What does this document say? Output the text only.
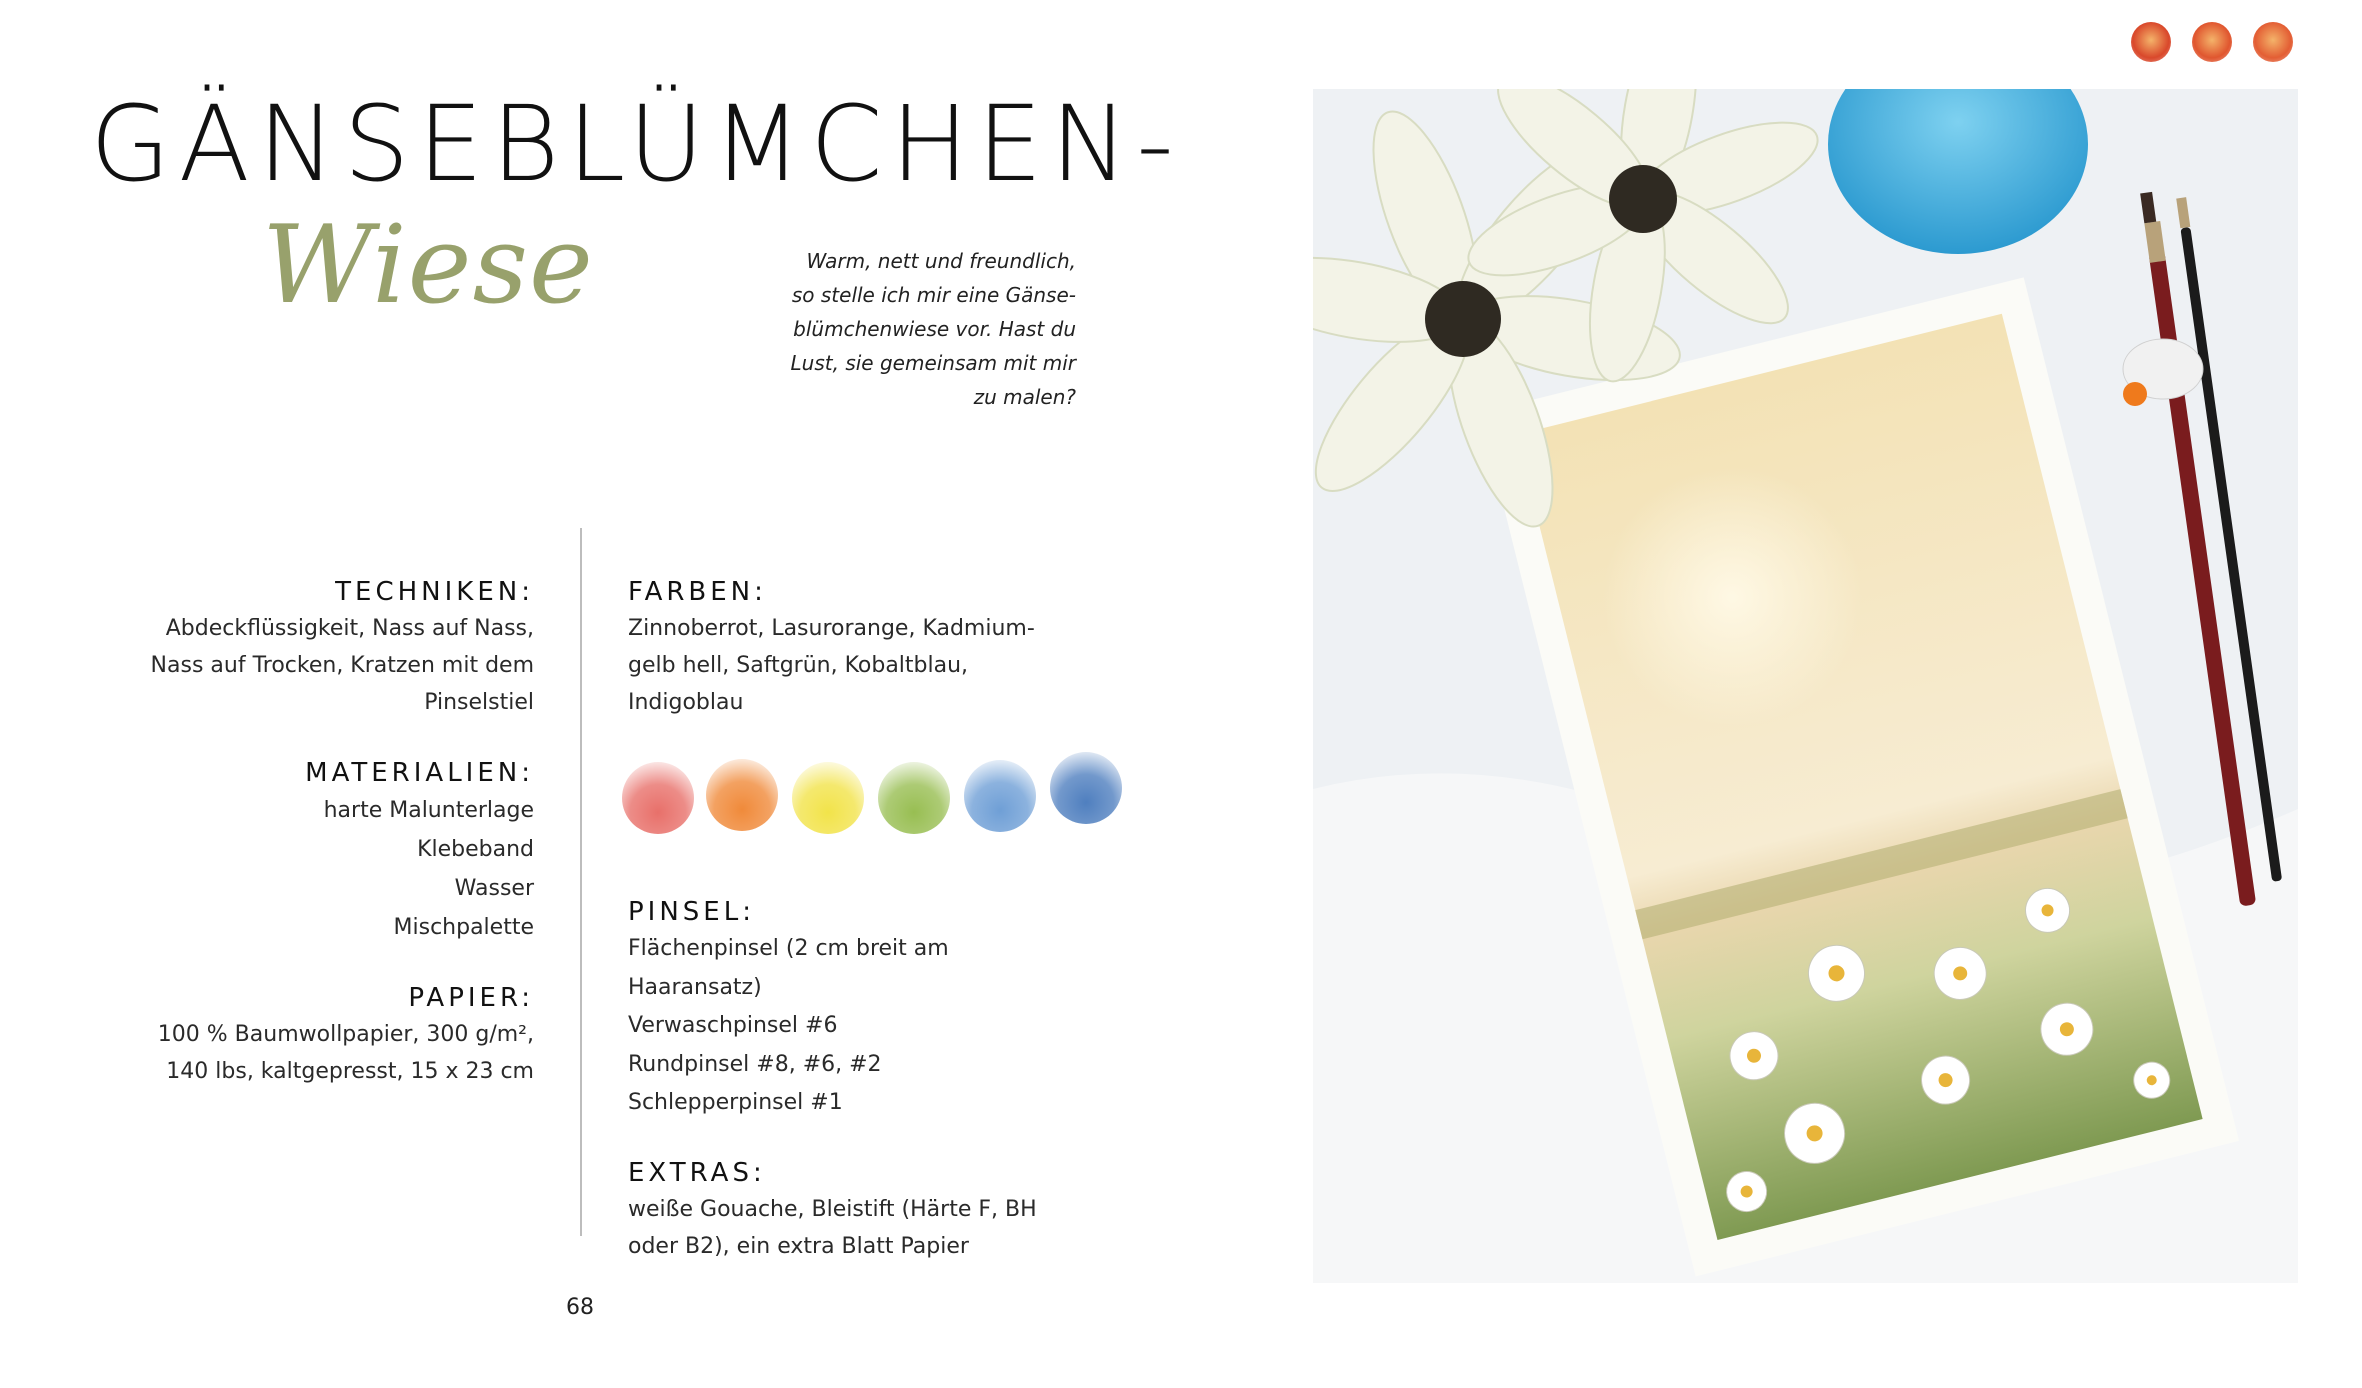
GÄNSEBLÜMCHEN-
Wiese	Warm, nett und freundlich,
so stelle ich mir eine Gänse-
blümchenwiese vor. Hast du
Lust, sie gemeinsam mit mir
zu malen?
TECHNIKEN:
Abdeckflüssigkeit, Nass auf Nass,
Nass auf Trocken, Kratzen mit dem
Pinselstiel
MATERIALIEN:
harte Malunterlage
Klebeband
Wasser
Mischpalette
PAPIER:
100 % Baumwollpapier, 300 g/m²,
140 lbs, kaltgepresst, 15 x 23 cm
FARBEN:
Zinnoberrot, Lasurorange, Kadmium-
gelb hell, Saftgrün, Kobaltblau,
Indigoblau
PINSEL:
Flächenpinsel (2 cm breit am
Haaransatz)
Verwaschpinsel #6
Rundpinsel #8, #6, #2
Schlepperpinsel #1
EXTRAS:
weiße Gouache, Bleistift (Härte F, BH
oder B2), ein extra Blatt Papier
68
